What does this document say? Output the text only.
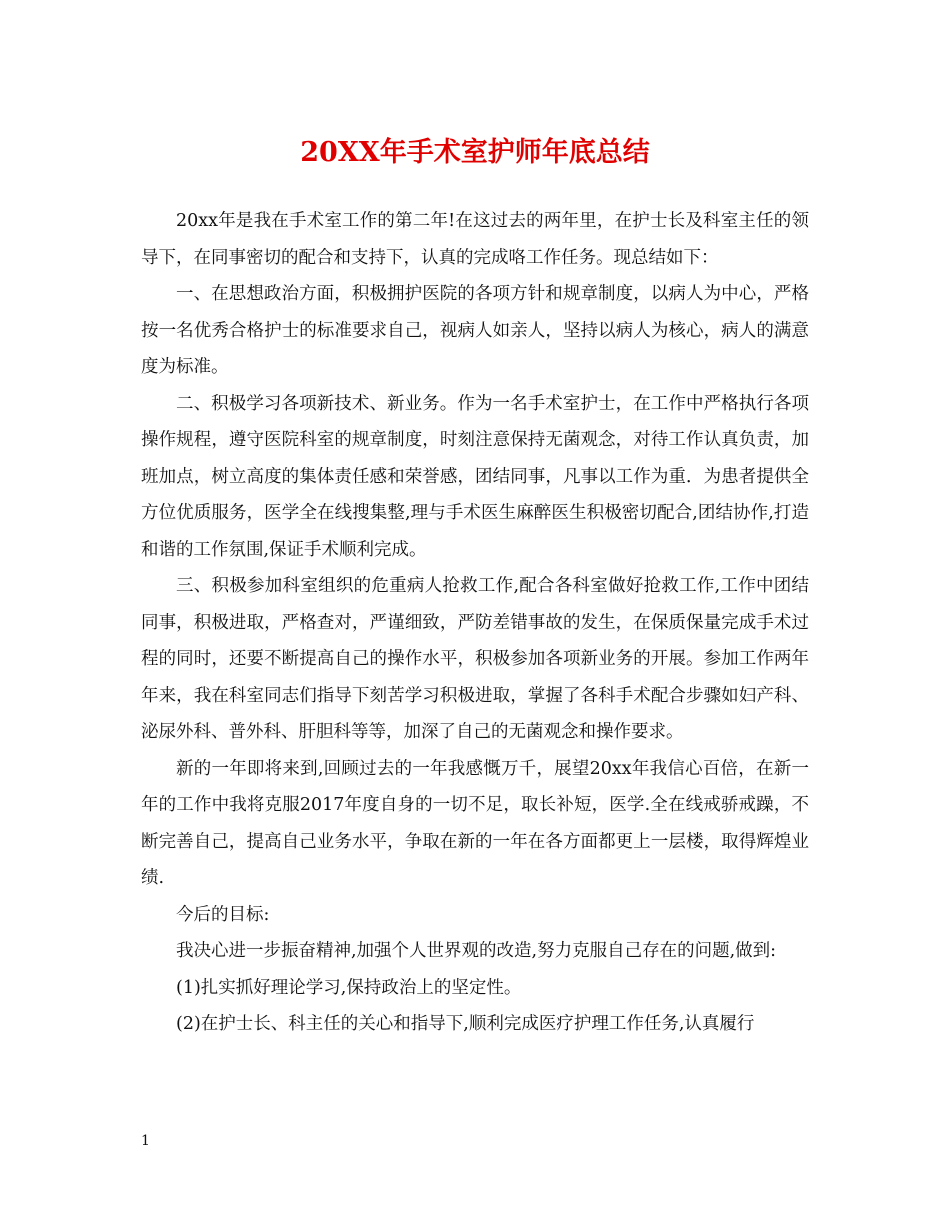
20XX年手术室护师年底总结

20xx年是我在手术室工作的第二年!在这过去的两年里，在护士长及科室主任的领导下，在同事密切的配合和支持下，认真的完成咯工作任务。现总结如下：

一、在思想政治方面，积极拥护医院的各项方针和规章制度，以病人为中心，严格按一名优秀合格护士的标准要求自己，视病人如亲人，坚持以病人为核心，病人的满意度为标准。

二、积极学习各项新技术、新业务。作为一名手术室护士，在工作中严格执行各项操作规程，遵守医院科室的规章制度，时刻注意保持无菌观念，对待工作认真负责，加班加点，树立高度的集体责任感和荣誉感，团结同事，凡事以工作为重．为患者提供全方位优质服务，医学全在线搜集整,理与手术医生麻醉医生积极密切配合,团结协作,打造和谐的工作氛围,保证手术顺利完成。

三、积极参加科室组织的危重病人抢救工作,配合各科室做好抢救工作,工作中团结同事，积极进取，严格查对，严谨细致，严防差错事故的发生，在保质保量完成手术过程的同时，还要不断提高自己的操作水平，积极参加各项新业务的开展。参加工作两年年来，我在科室同志们指导下刻苦学习积极进取，掌握了各科手术配合步骤如妇产科、泌尿外科、普外科、肝胆科等等，加深了自己的无菌观念和操作要求。

新的一年即将来到,回顾过去的一年我感慨万千，展望20xx年我信心百倍，在新一年的工作中我将克服2017年度自身的一切不足，取长补短，医学.全在线戒骄戒躁，不断完善自己，提高自己业务水平，争取在新的一年在各方面都更上一层楼，取得辉煌业绩.

今后的目标:

我决心进一步振奋精神,加强个人世界观的改造,努力克服自己存在的问题,做到:

(1)扎实抓好理论学习,保持政治上的坚定性。

(2)在护士长、科主任的关心和指导下,顺利完成医疗护理工作任务,认真履行

1
